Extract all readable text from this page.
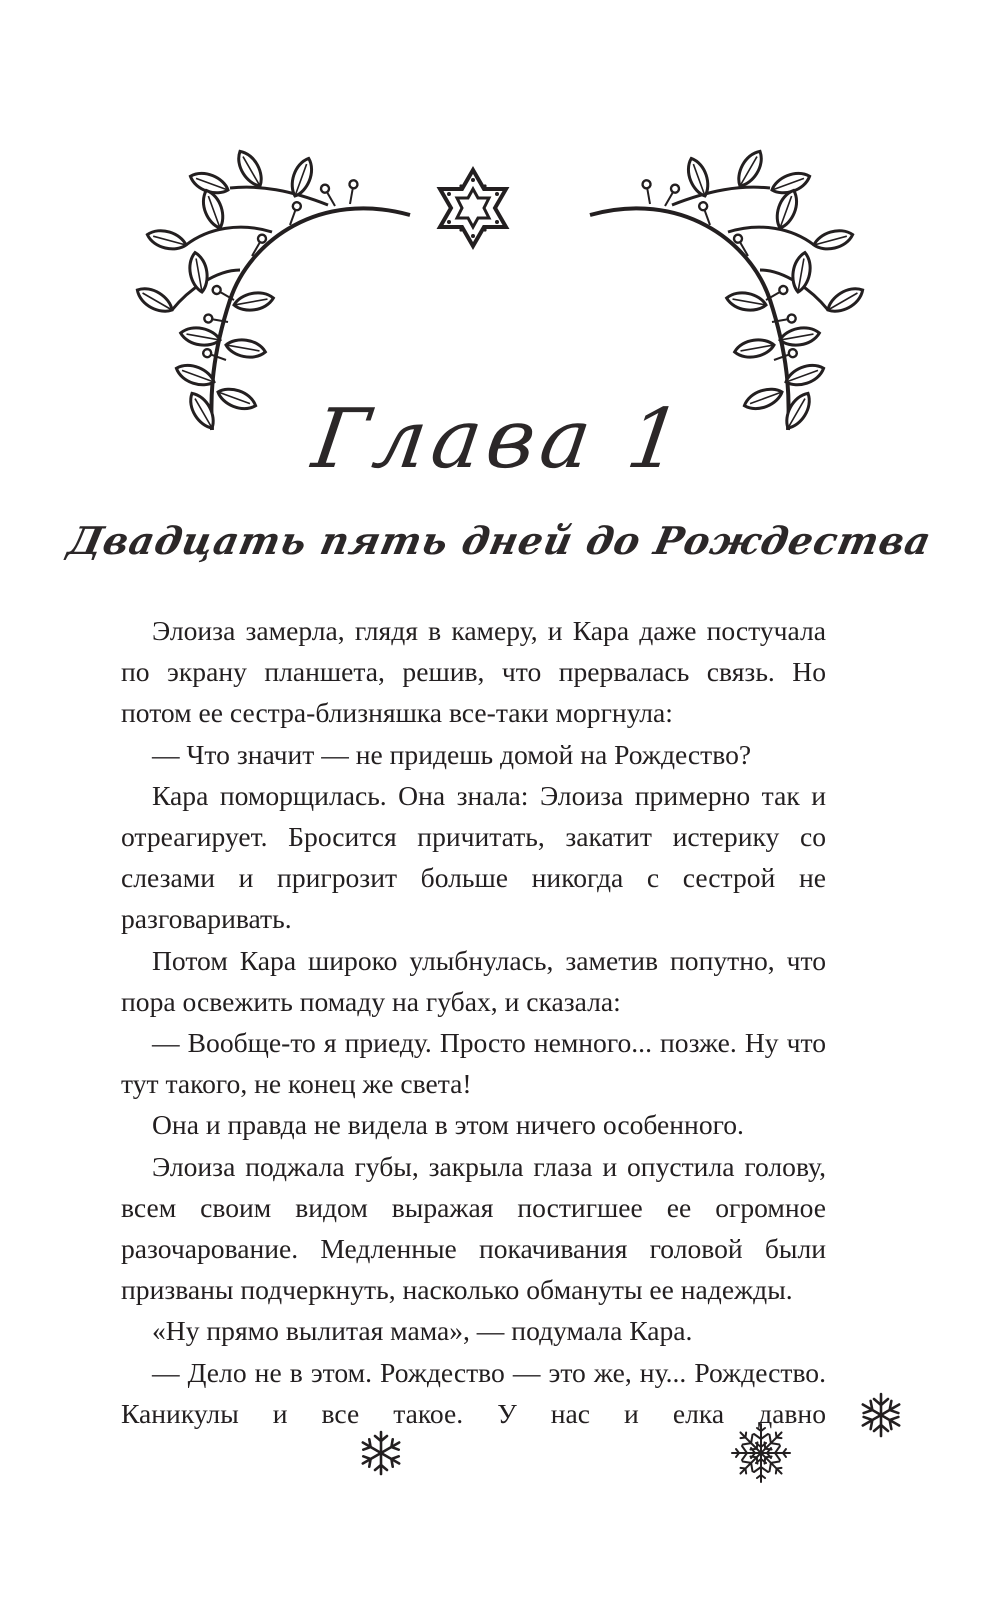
Глава 1
Двадцать пять дней до Рождества

Элоиза замерла, глядя в камеру, и Кара даже постучала по экрану планшета, решив, что прервалась связь. Но потом ее сестра-близняшка все-таки моргнула:

— Что значит — не придешь домой на Рождество?

Кара поморщилась. Она знала: Элоиза примерно так и отреагирует. Бросится причитать, закатит истерику со слезами и пригрозит больше никогда с сестрой не разговаривать.

Потом Кара широко улыбнулась, заметив попутно, что пора освежить помаду на губах, и сказала:

— Вообще-то я приеду. Просто немного... позже. Ну что тут такого, не конец же света!

Она и правда не видела в этом ничего особенного.

Элоиза поджала губы, закрыла глаза и опустила голову, всем своим видом выражая постигшее ее огромное разочарование. Медленные покачивания головой были призваны подчеркнуть, насколько обмануты ее надежды.

«Ну прямо вылитая мама», — подумала Кара.

— Дело не в этом. Рождество — это же, ну... Рождество. Каникулы и все такое. У нас и елка давно
